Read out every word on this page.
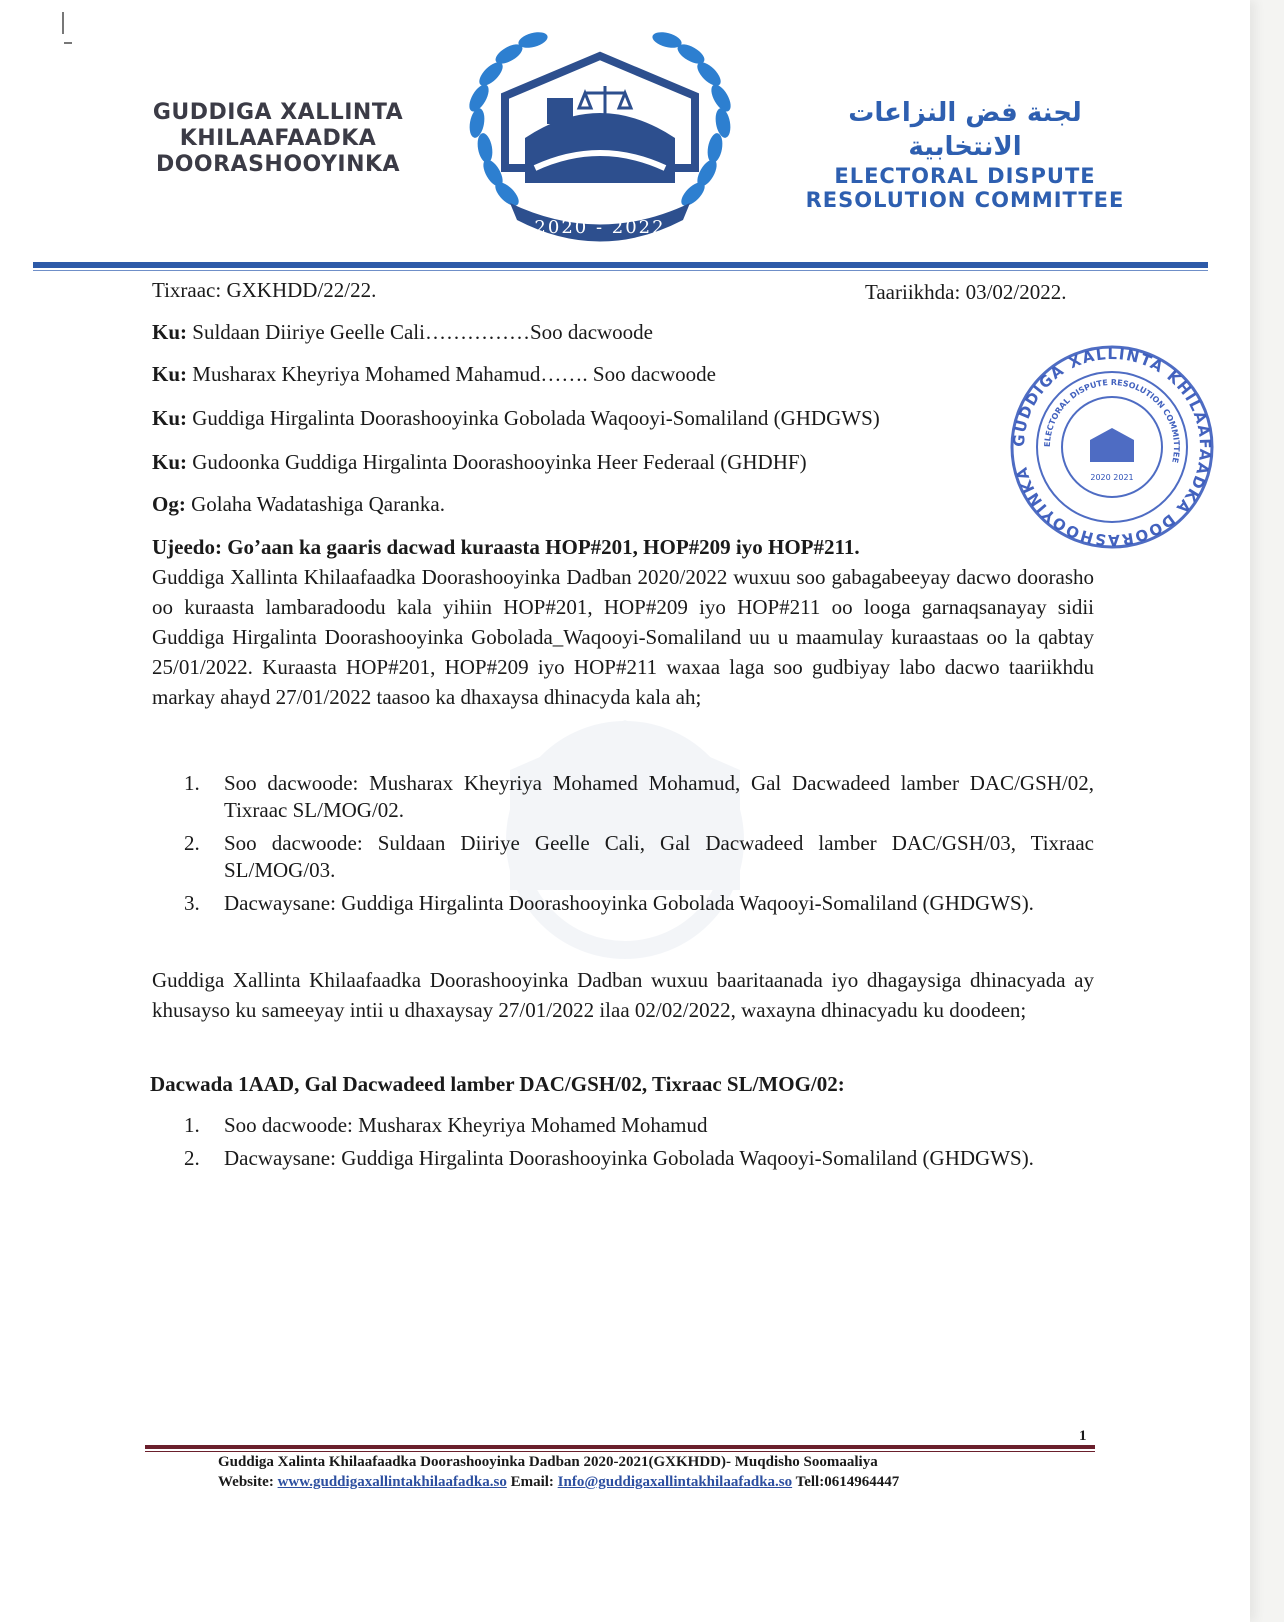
GUDDIGA XALLINTA
KHILAAFAADKA
DOORASHOOYINKA
2020 - 2022
لجنة فض النزاعات الانتخابية
ELECTORAL DISPUTE
RESOLUTION COMMITTEE
Tixraac: GXKHDD/22/22.	Taariikhda: 03/02/2022.
Ku: Suldaan Diiriye Geelle Cali……………Soo dacwoode
Ku: Musharax Kheyriya Mohamed Mahamud……. Soo dacwoode
Ku: Guddiga Hirgalinta Doorashooyinka Gobolada Waqooyi-Somaliland (GHDGWS)
Ku: Gudoonka Guddiga Hirgalinta Doorashooyinka Heer Federaal (GHDHF)
Og: Golaha Wadatashiga Qaranka.
GUDDIGA XALLINTA KHILAAFAADKA DOORASHOOYINKA
ELECTORAL DISPUTE RESOLUTION COMMITTEE
2020 2021
Ujeedo: Go’aan ka gaaris dacwad kuraasta HOP#201, HOP#209 iyo HOP#211.
Guddiga Xallinta Khilaafaadka Doorashooyinka Dadban 2020/2022 wuxuu soo gabagabeeyay dacwo doorasho oo kuraasta lambaradoodu kala yihiin HOP#201, HOP#209 iyo HOP#211 oo looga garnaqsanayay sidii Guddiga Hirgalinta Doorashooyinka Gobolada_Waqooyi-Somaliland uu u maamulay kuraastaas oo la qabtay 25/01/2022. Kuraasta HOP#201, HOP#209 iyo HOP#211 waxaa laga soo gudbiyay labo dacwo taariikhdu markay ahayd 27/01/2022 taasoo ka dhaxaysa dhinacyda kala ah;
1.	Soo dacwoode: Musharax Kheyriya Mohamed Mohamud, Gal Dacwadeed lamber DAC/GSH/02, Tixraac SL/MOG/02.
2.	Soo dacwoode: Suldaan Diiriye Geelle Cali, Gal Dacwadeed lamber DAC/GSH/03, Tixraac SL/MOG/03.
3.	Dacwaysane: Guddiga Hirgalinta Doorashooyinka Gobolada Waqooyi-Somaliland (GHDGWS).
Guddiga Xallinta Khilaafaadka Doorashooyinka Dadban wuxuu baaritaanada iyo dhagaysiga dhinacyada ay khusayso ku sameeyay intii u dhaxaysay 27/01/2022 ilaa 02/02/2022, waxayna dhinacyadu ku doodeen;
Dacwada 1AAD, Gal Dacwadeed lamber DAC/GSH/02, Tixraac SL/MOG/02:
1.	Soo dacwoode: Musharax Kheyriya Mohamed Mohamud
2.	Dacwaysane: Guddiga Hirgalinta Doorashooyinka Gobolada Waqooyi-Somaliland (GHDGWS).
1
Guddiga Xalinta Khilaafaadka Doorashooyinka Dadban 2020-2021(GXKHDD)- Muqdisho Soomaaliya
Website: www.guddigaxallintakhilaafadka.so Email: Info@guddigaxallintakhilaafadka.so Tell:0614964447
